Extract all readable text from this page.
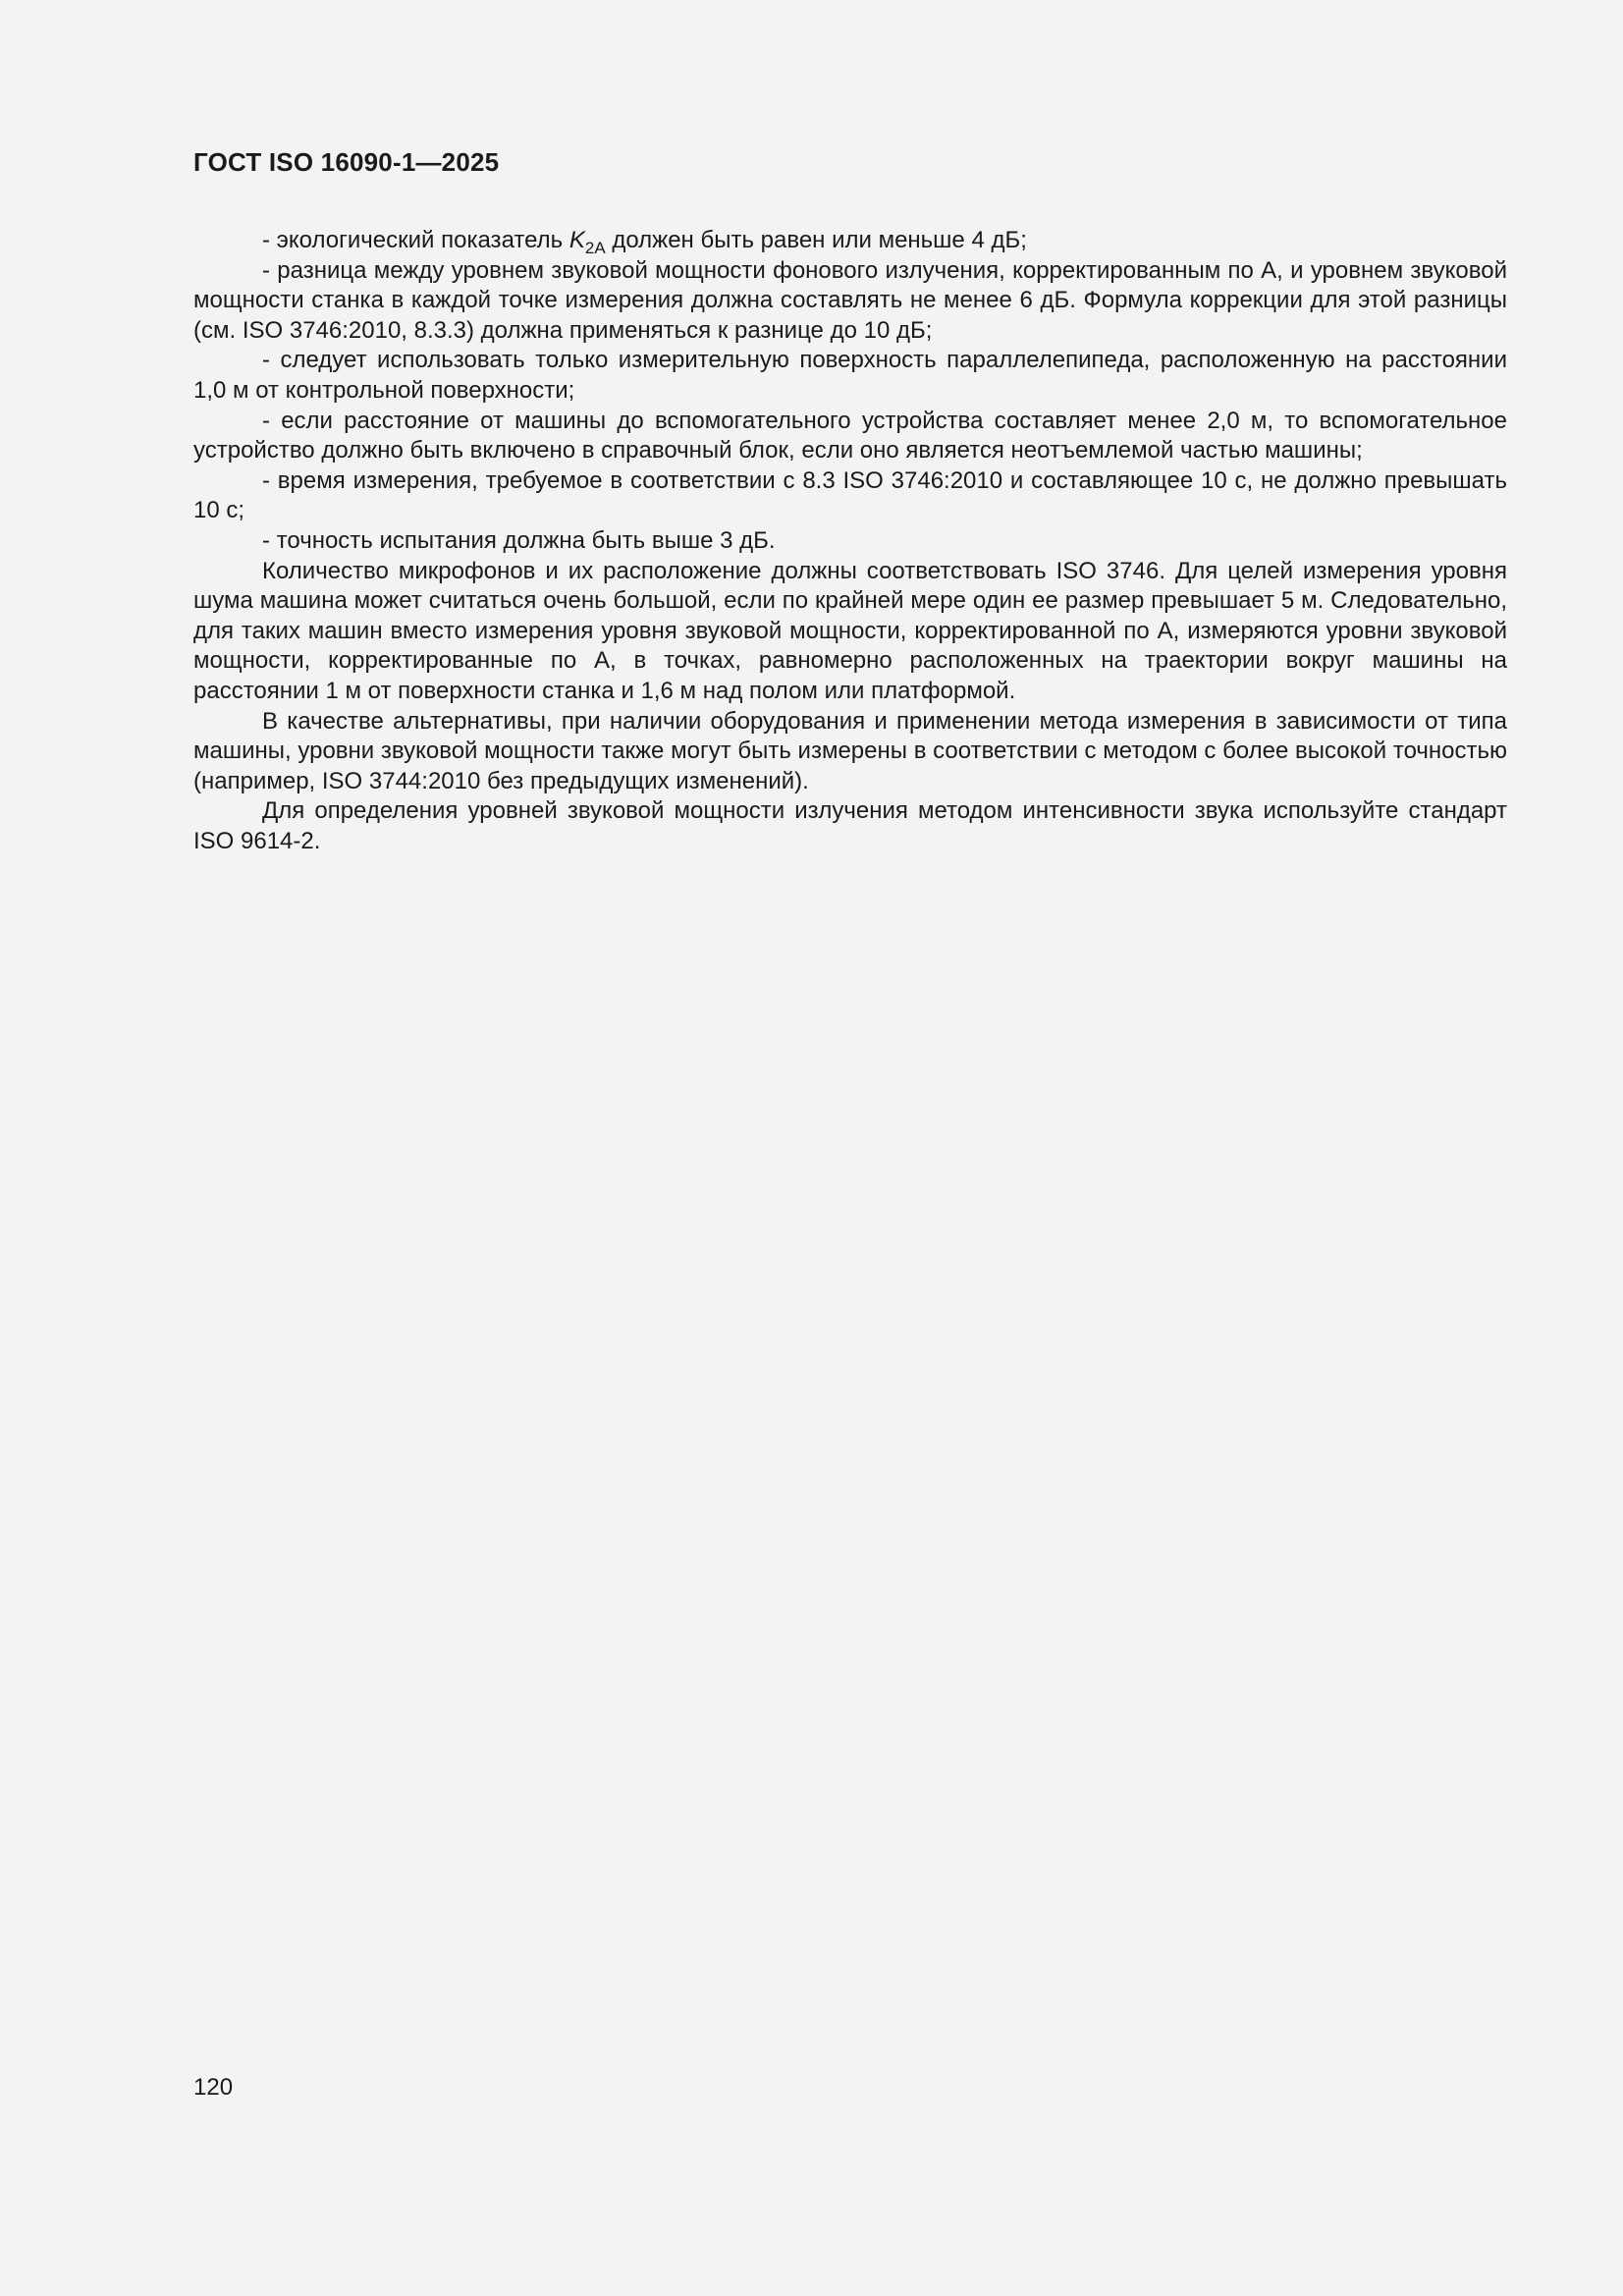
ГОСТ ISO 16090-1—2025

- экологический показатель $K_{2A}$ должен быть равен или меньше 4 дБ;

- разница между уровнем звуковой мощности фонового излучения, корректированным по А, и уровнем звуковой мощности станка в каждой точке измерения должна составлять не менее 6 дБ. Формула коррекции для этой разницы (см. ISO 3746:2010, 8.3.3) должна применяться к разнице до 10 дБ;

- следует использовать только измерительную поверхность параллелепипеда, расположенную на расстоянии 1,0 м от контрольной поверхности;

- если расстояние от машины до вспомогательного устройства составляет менее 2,0 м, то вспомогательное устройство должно быть включено в справочный блок, если оно является неотъемлемой частью машины;

- время измерения, требуемое в соответствии с 8.3 ISO 3746:2010 и составляющее 10 с, не должно превышать 10 с;

- точность испытания должна быть выше 3 дБ.

Количество микрофонов и их расположение должны соответствовать ISO 3746. Для целей измерения уровня шума машина может считаться очень большой, если по крайней мере один ее размер превышает 5 м. Следовательно, для таких машин вместо измерения уровня звуковой мощности, корректированной по А, измеряются уровни звуковой мощности, корректированные по А, в точках, равномерно расположенных на траектории вокруг машины на расстоянии 1 м от поверхности станка и 1,6 м над полом или платформой.

В качестве альтернативы, при наличии оборудования и применении метода измерения в зависимости от типа машины, уровни звуковой мощности также могут быть измерены в соответствии с методом с более высокой точностью (например, ISO 3744:2010 без предыдущих изменений).

Для определения уровней звуковой мощности излучения методом интенсивности звука используйте стандарт ISO 9614-2.

120
